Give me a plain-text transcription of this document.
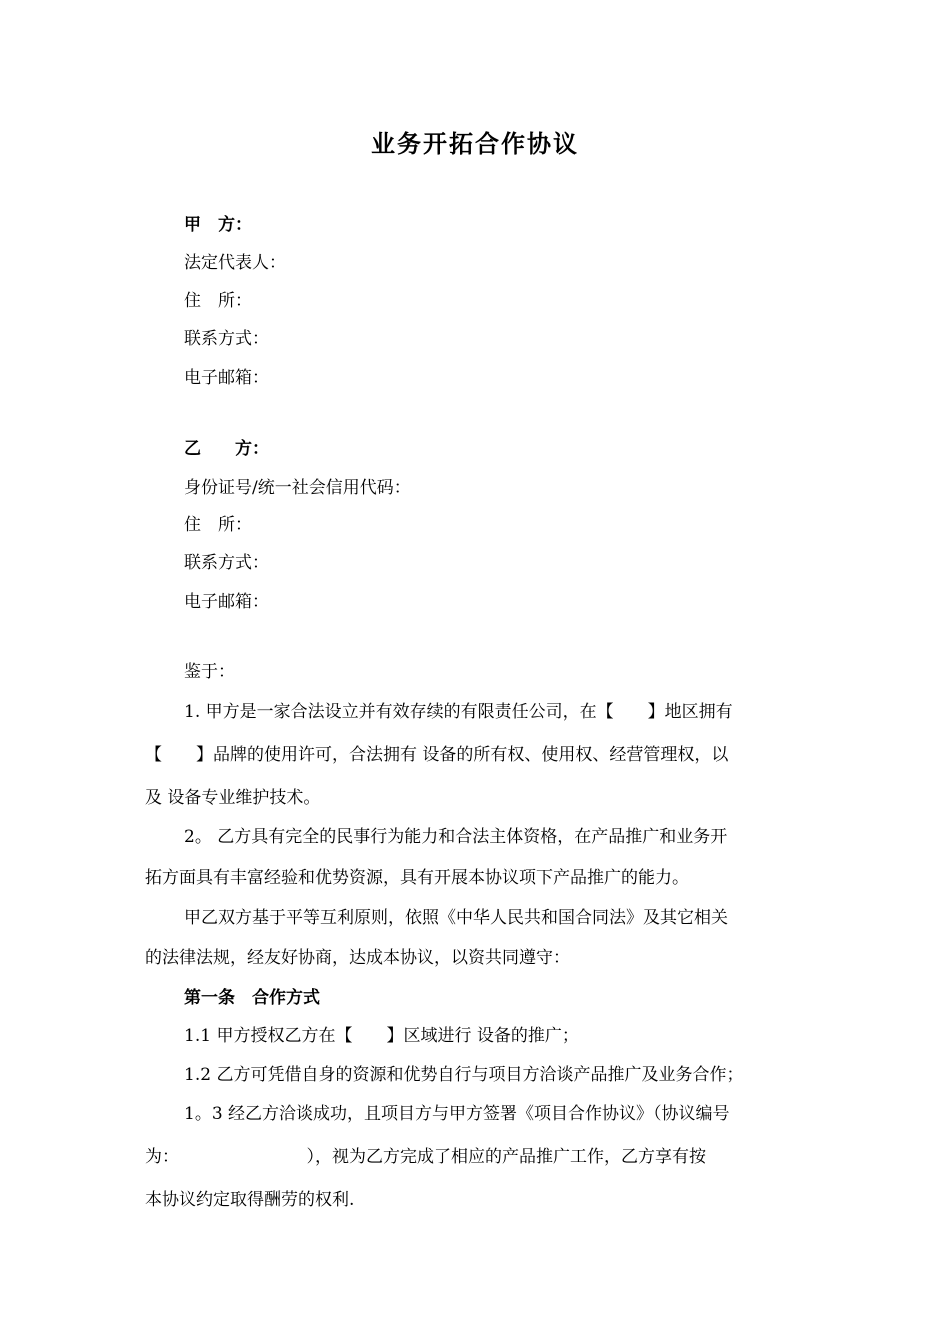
业务开拓合作协议
甲　方：
法定代表人：
住　所：
联系方式：
电子邮箱：
乙　　方：
身份证号/统一社会信用代码：
住　所：
联系方式：
电子邮箱：
鉴于：
1. 甲方是一家合法设立并有效存续的有限责任公司，在【　　】地区拥有
【　　】品牌的使用许可，合法拥有 设备的所有权、使用权、经营管理权，以
及 设备专业维护技术。
2。 乙方具有完全的民事行为能力和合法主体资格，在产品推广和业务开
拓方面具有丰富经验和优势资源，具有开展本协议项下产品推广的能力。
甲乙双方基于平等互利原则，依照《中华人民共和国合同法》及其它相关
的法律法规，经友好协商，达成本协议，以资共同遵守：
第一条　合作方式
1.1 甲方授权乙方在【　　】区域进行 设备的推广；
1.2 乙方可凭借自身的资源和优势自行与项目方洽谈产品推广及业务合作；
1。3 经乙方洽谈成功，且项目方与甲方签署《项目合作协议》（协议编号
为：　　　　　　　　），视为乙方完成了相应的产品推广工作，乙方享有按
本协议约定取得酬劳的权利.
